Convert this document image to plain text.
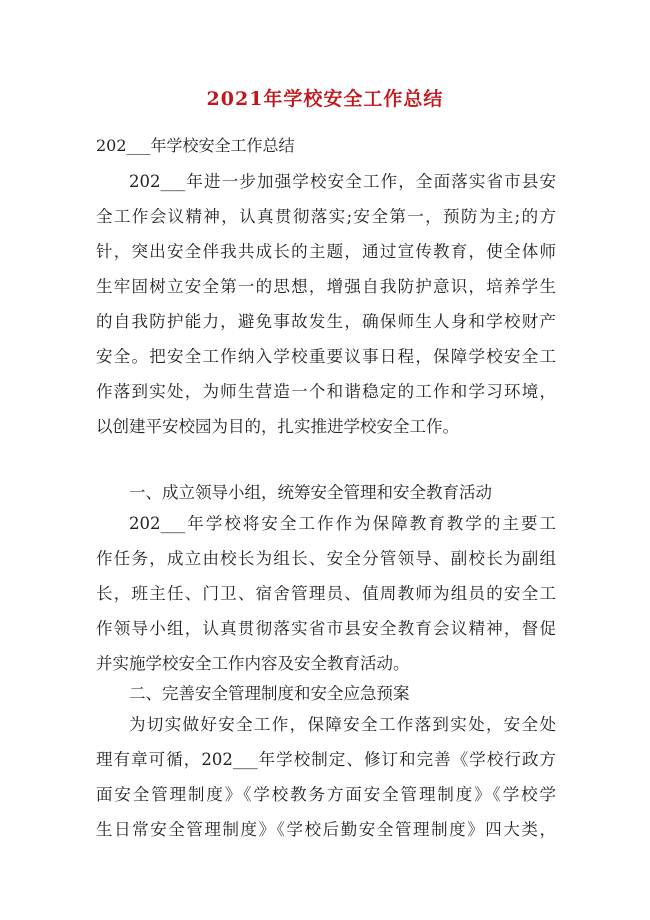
2021年学校安全工作总结

202___年学校安全工作总结

202___年进一步加强学校安全工作，全面落实省市县安
全工作会议精神，认真贯彻落实;安全第一，预防为主;的方
针，突出安全伴我共成长的主题，通过宣传教育，使全体师
生牢固树立安全第一的思想，增强自我防护意识，培养学生
的自我防护能力，避免事故发生，确保师生人身和学校财产
安全。把安全工作纳入学校重要议事日程，保障学校安全工
作落到实处，为师生营造一个和谐稳定的工作和学习环境，
以创建平安校园为目的，扎实推进学校安全工作。

一、成立领导小组，统筹安全管理和安全教育活动

202___年学校将安全工作作为保障教育教学的主要工
作任务，成立由校长为组长、安全分管领导、副校长为副组
长，班主任、门卫、宿舍管理员、值周教师为组员的安全工
作领导小组，认真贯彻落实省市县安全教育会议精神，督促
并实施学校安全工作内容及安全教育活动。

二、完善安全管理制度和安全应急预案

为切实做好安全工作，保障安全工作落到实处，安全处
理有章可循，202___年学校制定、修订和完善《学校行政方
面安全管理制度》《学校教务方面安全管理制度》《学校学
生日常安全管理制度》《学校后勤安全管理制度》四大类，
